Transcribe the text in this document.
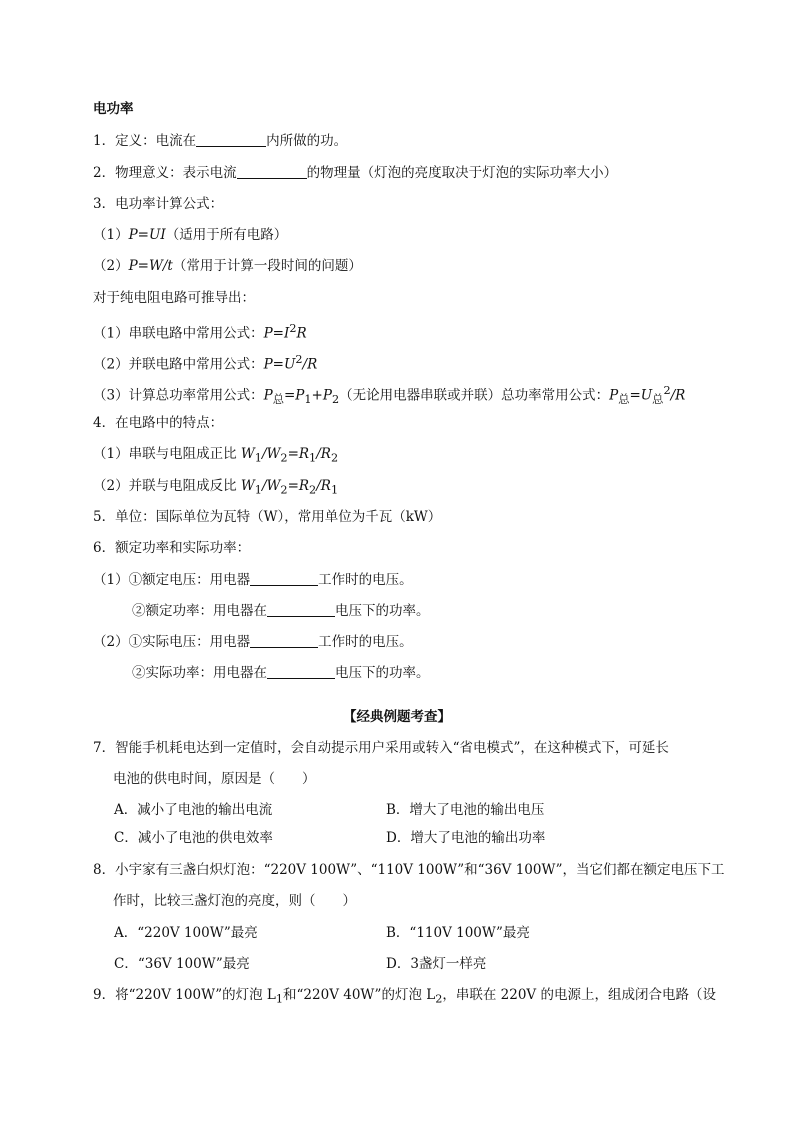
电功率
1．定义：电流在	内所做的功。
2．物理意义：表示电流	的物理量（灯泡的亮度取决于灯泡的实际功率大小）
3．电功率计算公式：
（1）P=UI（适用于所有电路）
（2）P=W/t（常用于计算一段时间的问题）
对于纯电阻电路可推导出：
（1）串联电路中常用公式：$P=I^2R$
（2）并联电路中常用公式：$P=U^2/R$
（3）计算总功率常用公式：$P_总=P_1+P_2$（无论用电器串联或并联）总功率常用公式：$P_总=U_总^2/R$
4．在电路中的特点：
（1）串联与电阻成正比 $W_1/W_2=R_1/R_2$
（2）并联与电阻成反比 $W_1/W_2=R_2/R_1$
5．单位：国际单位为瓦特（W），常用单位为千瓦（kW）
6．额定功率和实际功率：
（1）①额定电压：用电器	工作时的电压。
②额定功率：用电器在	电压下的功率。
（2）①实际电压：用电器	工作时的电压。
②实际功率：用电器在	电压下的功率。
【经典例题考查】
7．智能手机耗电达到一定值时，会自动提示用户采用或转入“省电模式”，在这种模式下，可延长
电池的供电时间，原因是（　　）
A．减小了电池的输出电流	B．增大了电池的输出电压
C．减小了电池的供电效率	D．增大了电池的输出功率
8．小宇家有三盏白炽灯泡：“220V 100W”、“110V 100W”和“36V 100W”，当它们都在额定电压下工
作时，比较三盏灯泡的亮度，则（　　）
A．“220V 100W”最亮	B．“110V 100W”最亮
C．“36V 100W”最亮	D．3盏灯一样亮
9．将“220V 100W”的灯泡 $L_1$和“220V 40W”的灯泡 $L_2$，串联在 220V 的电源上，组成闭合电路（设
